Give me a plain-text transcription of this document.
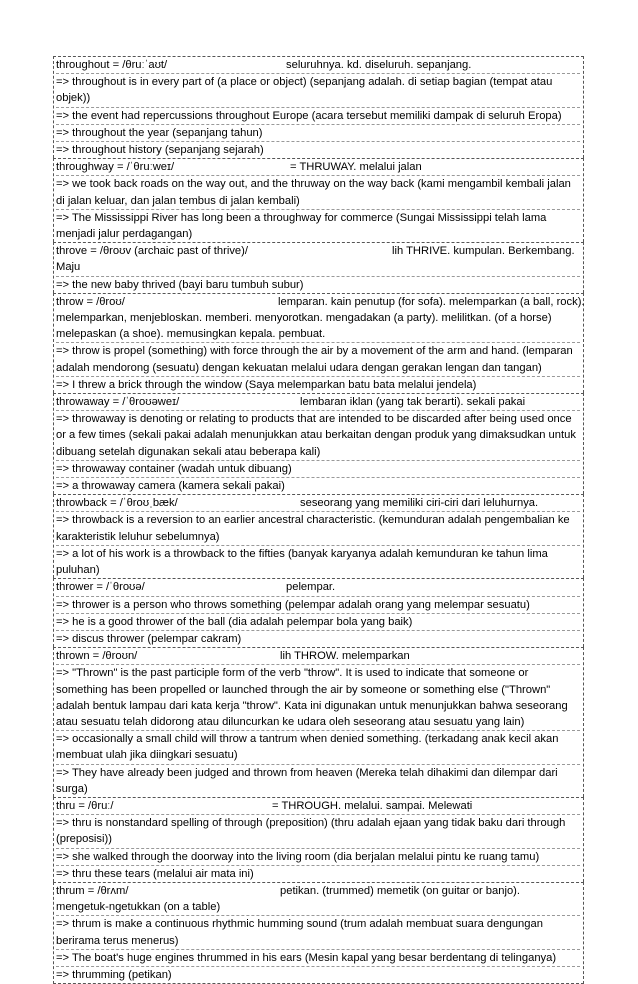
throughout = /θruːˈaʊt/	seluruhnya. kd. diseluruh. sepanjang.
=> throughout is in every part of (a place or object) (sepanjang adalah. di setiap bagian (tempat atau objek))
=> the event had repercussions throughout Europe (acara tersebut memiliki dampak di seluruh Eropa)
=> throughout the year (sepanjang tahun)
=> throughout history (sepanjang sejarah)
throughway = /ˈθruːweɪ/	= THRUWAY. melalui jalan
=> we took back roads on the way out, and the thruway on the way back (kami mengambil kembali jalan di jalan keluar, dan jalan tembus di jalan kembali)
=> The Mississippi River has long been a throughway for commerce (Sungai Mississippi telah lama menjadi jalur perdagangan)
throve = /θroʊv (archaic past of thrive)/	lih THRIVE. kumpulan. Berkembang.
Maju
=> the new baby thrived (bayi baru tumbuh subur)
throw = /θroʊ/	lemparan. kain penutup (for sofa). melemparkan (a ball, rock).
melemparkan, menjebloskan. memberi. menyorotkan. mengadakan (a party). melilitkan. (of a horse) melepaskan (a shoe). memusingkan kepala. pembuat.
=> throw is propel (something) with force through the air by a movement of the arm and hand. (lemparan adalah mendorong (sesuatu) dengan kekuatan melalui udara dengan gerakan lengan dan tangan)
=> I threw a brick through the window (Saya melemparkan batu bata melalui jendela)
throwaway = /ˈθroʊəweɪ/	lembaran iklan (yang tak berarti). sekali pakai
=> throwaway is denoting or relating to products that are intended to be discarded after being used once or a few times (sekali pakai adalah menunjukkan atau berkaitan dengan produk yang dimaksudkan untuk dibuang setelah digunakan sekali atau beberapa kali)
=> throwaway container (wadah untuk dibuang)
=> a throwaway camera (kamera sekali pakai)
throwback = /ˈθroʊˌbæk/	seseorang yang memiliki ciri-ciri dari leluhurnya.
=> throwback is a reversion to an earlier ancestral characteristic. (kemunduran adalah pengembalian ke karakteristik leluhur sebelumnya)
=> a lot of his work is a throwback to the fifties (banyak karyanya adalah kemunduran ke tahun lima puluhan)
thrower = /ˈθroʊə/	pelempar.
=> thrower is a person who throws something (pelempar adalah orang yang melempar sesuatu)
=> he is a good thrower of the ball (dia adalah pelempar bola yang baik)
=> discus thrower (pelempar cakram)
thrown = /θroʊn/	lih THROW. melemparkan
=> "Thrown" is the past participle form of the verb "throw". It is used to indicate that someone or something has been propelled or launched through the air by someone or something else ("Thrown" adalah bentuk lampau dari kata kerja "throw". Kata ini digunakan untuk menunjukkan bahwa seseorang atau sesuatu telah didorong atau diluncurkan ke udara oleh seseorang atau sesuatu yang lain)
=> occasionally a small child will throw a tantrum when denied something. (terkadang anak kecil akan membuat ulah jika diingkari sesuatu)
=> They have already been judged and thrown from heaven (Mereka telah dihakimi dan dilempar dari surga)
thru = /θruː/	= THROUGH. melalui. sampai. Melewati
=> thru is nonstandard spelling of through (preposition) (thru adalah ejaan yang tidak baku dari through (preposisi))
=> she walked through the doorway into the living room (dia berjalan melalui pintu ke ruang tamu)
=> thru these tears (melalui air mata ini)
thrum = /θrʌm/	petikan. (trummed) memetik (on guitar or banjo).
mengetuk-ngetukkan (on a table)
=> thrum is make a continuous rhythmic humming sound (trum adalah membuat suara dengungan berirama terus menerus)
=> The boat's huge engines thrummed in his ears (Mesin kapal yang besar berdentang di telinganya)
=> thrumming (petikan)
